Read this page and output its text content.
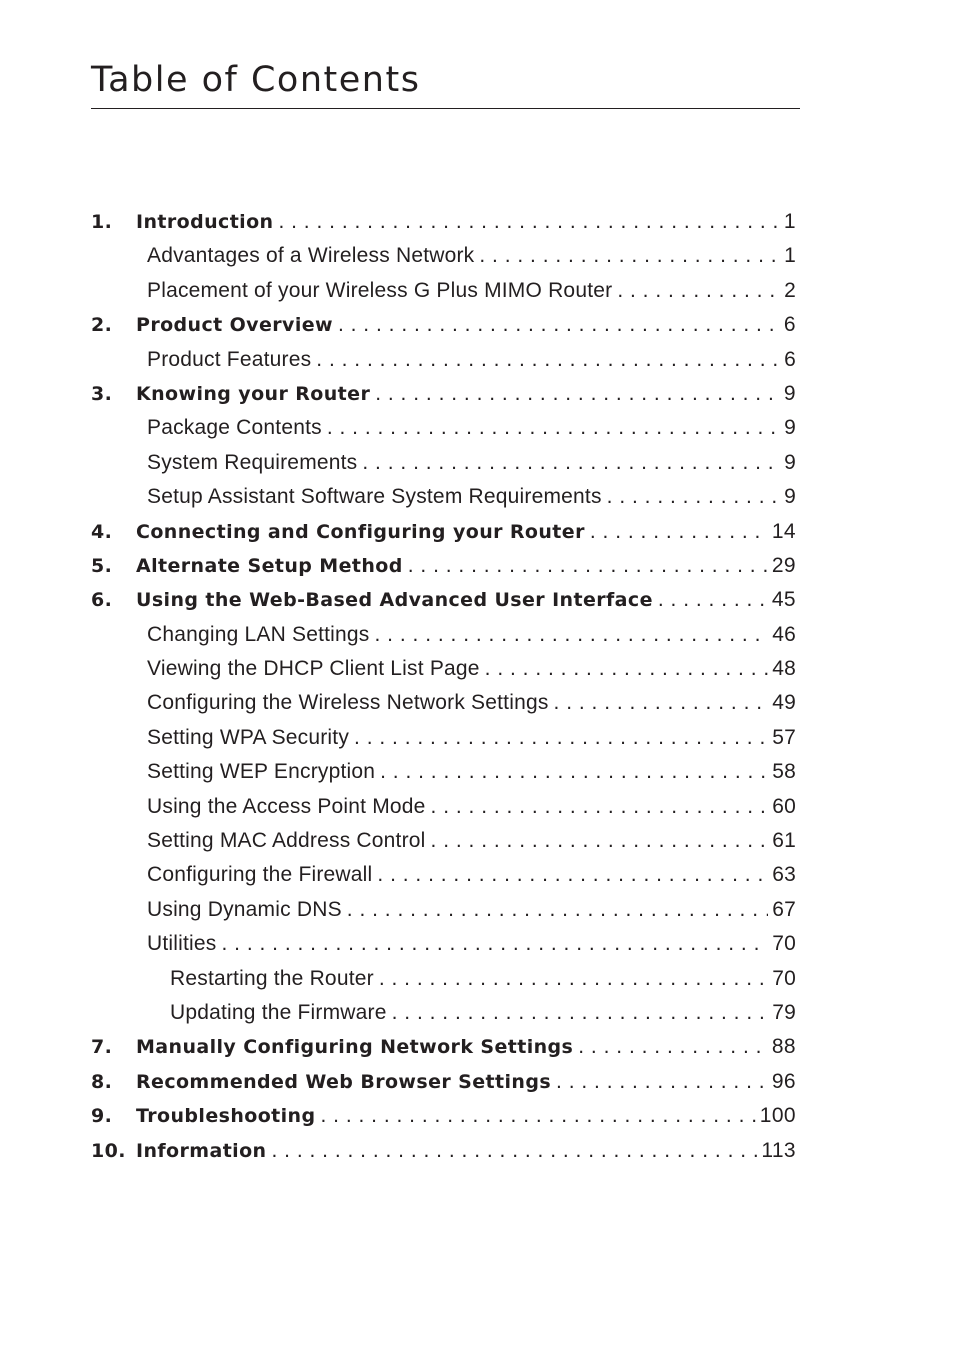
Table of Contents
1.	Introduction . . .	1
Advantages of a Wireless Network . . .	1
Placement of your Wireless G Plus MIMO Router . . .	2
2.	Product Overview . . .	6
Product Features . . .	6
3.	Knowing your Router . . .	9
Package Contents . . .	9
System Requirements . . .	9
Setup Assistant Software System Requirements . . .	9
4.	Connecting and Configuring your Router . . .	14
5.	Alternate Setup Method . . .	29
6.	Using the Web-Based Advanced User Interface . . .	45
Changing LAN Settings . . .	46
Viewing the DHCP Client List Page . . .	48
Configuring the Wireless Network Settings . . .	49
Setting WPA Security . . .	57
Setting WEP Encryption . . .	58
Using the Access Point Mode . . .	60
Setting MAC Address Control . . .	61
Configuring the Firewall . . .	63
Using Dynamic DNS . . .	67
Utilities . . .	70
Restarting the Router . . .	70
Updating the Firmware . . .	79
7.	Manually Configuring Network Settings . . .	88
8.	Recommended Web Browser Settings . . .	96
9.	Troubleshooting . . .	100
10. Information . . .	113
